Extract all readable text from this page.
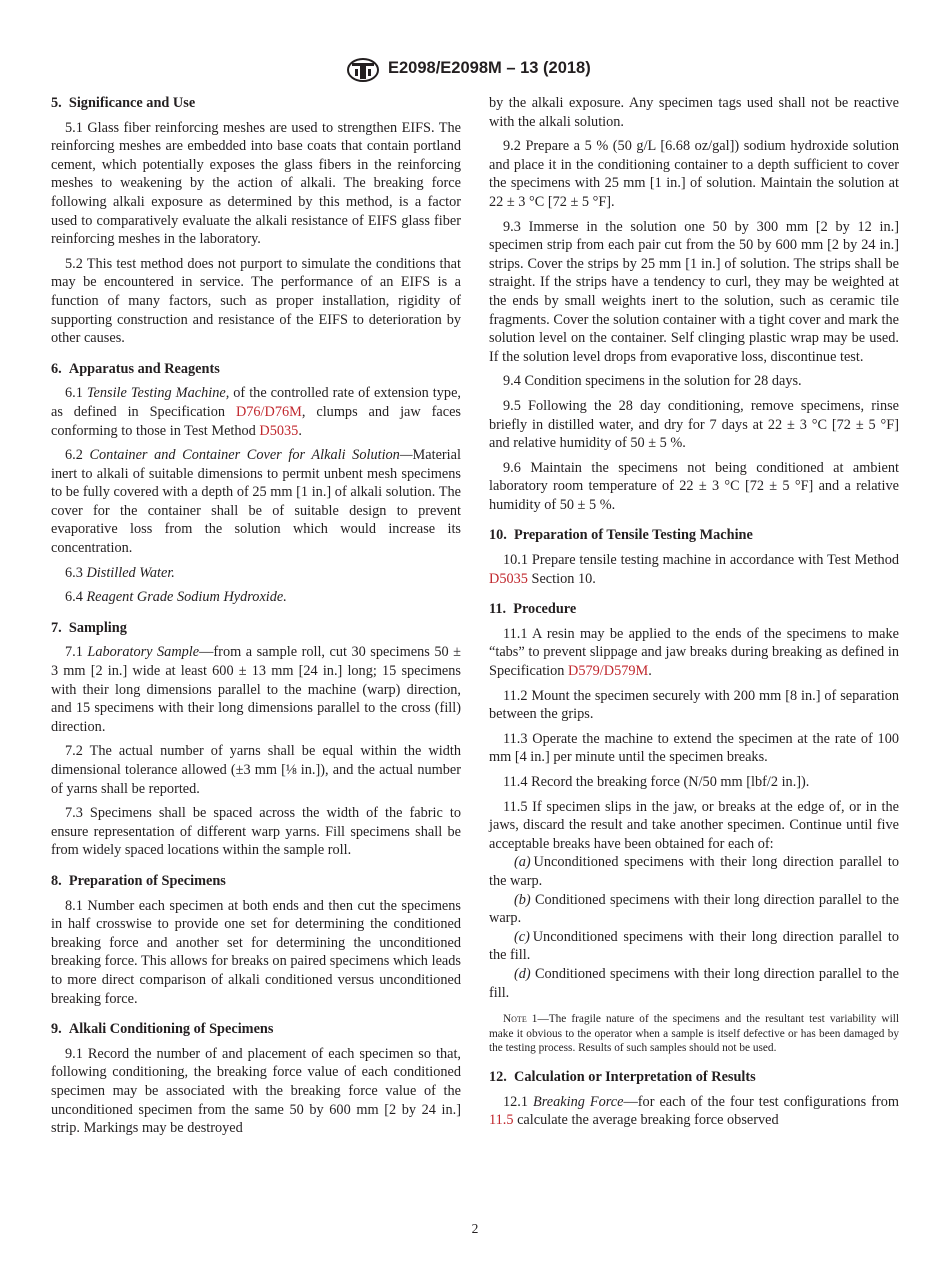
E2098/E2098M – 13 (2018)
5. Significance and Use

5.1 Glass fiber reinforcing meshes are used to strengthen EIFS. The reinforcing meshes are embedded into base coats that contain portland cement, which potentially exposes the glass fibers in the reinforcing meshes to weakening by the action of alkali. The breaking force following alkali exposure as determined by this method, is a factor used to comparatively evaluate the alkali resistance of EIFS glass fiber reinforcing meshes in the laboratory.

5.2 This test method does not purport to simulate the conditions that may be encountered in service. The performance of an EIFS is a function of many factors, such as proper installation, rigidity of supporting construction and resistance of the EIFS to deterioration by other causes.

6. Apparatus and Reagents

6.1 Tensile Testing Machine, of the controlled rate of extension type, as defined in Specification D76/D76M, clumps and jaw faces conforming to those in Test Method D5035.

6.2 Container and Container Cover for Alkali Solution—Material inert to alkali of suitable dimensions to permit unbent mesh specimens to be fully covered with a depth of 25 mm [1 in.] of alkali solution. The cover for the container shall be of suitable design to prevent evaporative loss from the solution which would increase its concentration.

6.3 Distilled Water.

6.4 Reagent Grade Sodium Hydroxide.

7. Sampling

7.1 Laboratory Sample—from a sample roll, cut 30 specimens 50 ± 3 mm [2 in.] wide at least 600 ± 13 mm [24 in.] long; 15 specimens with their long dimensions parallel to the machine (warp) direction, and 15 specimens with their long dimensions parallel to the cross (fill) direction.

7.2 The actual number of yarns shall be equal within the width dimensional tolerance allowed (±3 mm [⅛ in.]), and the actual number of yarns shall be reported.

7.3 Specimens shall be spaced across the width of the fabric to ensure representation of different warp yarns. Fill specimens shall be from widely spaced locations within the sample roll.

8. Preparation of Specimens

8.1 Number each specimen at both ends and then cut the specimens in half crosswise to provide one set for determining the conditioned breaking force and another set for determining the unconditioned breaking force. This allows for breaks on paired specimens which leads to more direct comparison of alkali conditioned versus unconditioned breaking force.

9. Alkali Conditioning of Specimens

9.1 Record the number of and placement of each specimen so that, following conditioning, the breaking force value of each conditioned specimen may be associated with the breaking force value of the unconditioned specimen from the same 50 by 600 mm [2 by 24 in.] strip. Markings may be destroyed

by the alkali exposure. Any specimen tags used shall not be reactive with the alkali solution.

9.2 Prepare a 5 % (50 g/L [6.68 oz/gal]) sodium hydroxide solution and place it in the conditioning container to a depth sufficient to cover the specimens with 25 mm [1 in.] of solution. Maintain the solution at 22 ± 3 °C [72 ± 5 °F].

9.3 Immerse in the solution one 50 by 300 mm [2 by 12 in.] specimen strip from each pair cut from the 50 by 600 mm [2 by 24 in.] strips. Cover the strips by 25 mm [1 in.] of solution. The strips shall be straight. If the strips have a tendency to curl, they may be weighted at the ends by small weights inert to the solution, such as ceramic tile fragments. Cover the solution container with a tight cover and mark the solution level on the container. Self clinging plastic wrap may be used. If the solution level drops from evaporative loss, discontinue test.

9.4 Condition specimens in the solution for 28 days.

9.5 Following the 28 day conditioning, remove specimens, rinse briefly in distilled water, and dry for 7 days at 22 ± 3 °C [72 ± 5 °F] and relative humidity of 50 ± 5 %.

9.6 Maintain the specimens not being conditioned at ambient laboratory room temperature of 22 ± 3 °C [72 ± 5 °F] and a relative humidity of 50 ± 5 %.

10. Preparation of Tensile Testing Machine

10.1 Prepare tensile testing machine in accordance with Test Method D5035 Section 10.

11. Procedure

11.1 A resin may be applied to the ends of the specimens to make “tabs” to prevent slippage and jaw breaks during breaking as defined in Specification D579/D579M.

11.2 Mount the specimen securely with 200 mm [8 in.] of separation between the grips.

11.3 Operate the machine to extend the specimen at the rate of 100 mm [4 in.] per minute until the specimen breaks.

11.4 Record the breaking force (N/50 mm [lbf/2 in.]).

11.5 If specimen slips in the jaw, or breaks at the edge of, or in the jaws, discard the result and take another specimen. Continue until five acceptable breaks have been obtained for each of:

(a) Unconditioned specimens with their long direction parallel to the warp.

(b) Conditioned specimens with their long direction parallel to the warp.

(c) Unconditioned specimens with their long direction parallel to the fill.

(d) Conditioned specimens with their long direction parallel to the fill.

Note 1—The fragile nature of the specimens and the resultant test variability will make it obvious to the operator when a sample is itself defective or has been damaged by the testing process. Results of such samples should not be used.

12. Calculation or Interpretation of Results

12.1 Breaking Force—for each of the four test configurations from 11.5 calculate the average breaking force observed

2
